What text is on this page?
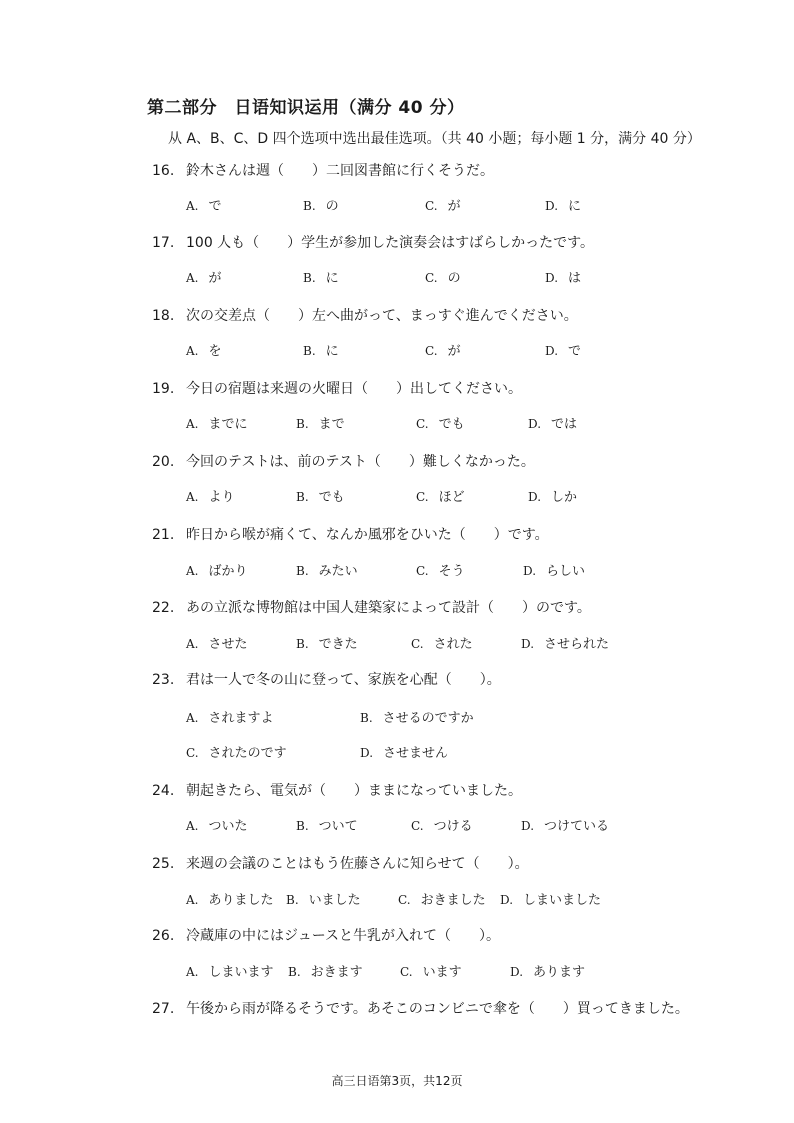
第二部分　日语知识运用（满分 40 分）
从 A、B、C、D 四个选项中选出最佳选项。（共 40 小题；每小题 1 分，满分 40 分）
16. 鈴木さんは週（　　）二回図書館に行くそうだ。
A. で	B. の	C. が	D. に
17. 100 人も（　　）学生が参加した演奏会はすばらしかったです。
A. が	B. に	C. の	D. は
18. 次の交差点（　　）左へ曲がって、まっすぐ進んでください。
A. を	B. に	C. が	D. で
19. 今日の宿題は来週の火曜日（　　）出してください。
A. までに	B. まで	C. でも	D. では
20. 今回のテストは、前のテスト（　　）難しくなかった。
A. より	B. でも	C. ほど	D. しか
21. 昨日から喉が痛くて、なんか風邪をひいた（　　）です。
A. ばかり	B. みたい	C. そう	D. らしい
22. あの立派な博物館は中国人建築家によって設計（　　）のです。
A. させた	B. できた	C. された	D. させられた
23. 君は一人で冬の山に登って、家族を心配（　　）。
A. されますよ	B. させるのですか
C. されたのです	D. させません
24. 朝起きたら、電気が（　　）ままになっていました。
A. ついた	B. ついて	C. つける	D. つけている
25. 来週の会議のことはもう佐藤さんに知らせて（　　）。
A. ありました B. いました	C. おきました D. しまいました
26. 冷蔵庫の中にはジュースと牛乳が入れて（　　）。
A. しまいます B. おきます	C. います	D. あります
27. 午後から雨が降るそうです。あそこのコンビニで傘を（　　）買ってきました。
高三日语第3页，共12页
